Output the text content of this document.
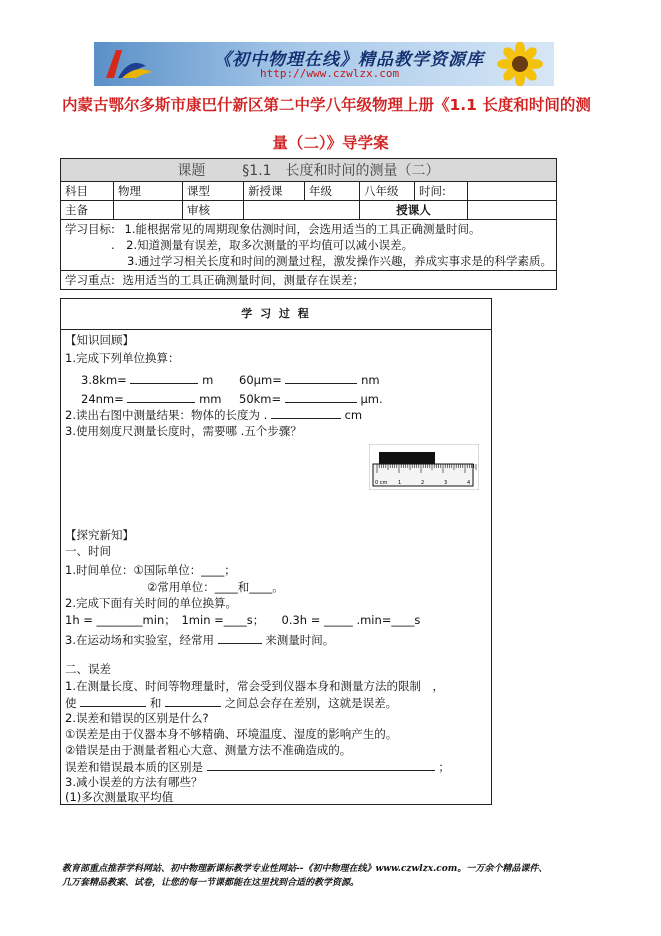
《初中物理在线》精品教学资源库
http://www.czwlzx.com
内蒙古鄂尔多斯市康巴什新区第二中学八年级物理上册《1.1 长度和时间的测
量（二）》导学案
课题 §1.1　长度和时间的测量（二）							
科目	物理	课型	新授课	年级	八年级	时间:	
主备		审核			授课人		

学习目标: 1.能根据常见的周期现象估测时间，会选用适当的工具正确测量时间。
.　2.知道测量有误差，取多次测量的平均值可以减小误差。
3.通过学习相关长度和时间的测量过程，激发操作兴趣，养成实事求是的科学素质。							

学习重点: 选用适当的工具正确测量时间，测量存在误差；							
学 习 过 程
【知识回顾】
1.完成下列单位换算：
3.8km=	m 60μm=	nm
24nm=	mm 50km=	μm.
2.读出右图中测量结果：物体的长度为 .	cm
3.使用刻度尺测量长度时，需要哪 .五个步骤？
0 cm 1	2	3	4
【探究新知】
一、时间
1.时间单位：①国际单位：____；
②常用单位：____和____。
2.完成下面有关时间的单位换算。
1h = ________min；　1min =____s；　　0.3h = _____ .min=____s
3.在运动场和实验室，经常用	来测量时间。
二、误差
1.在测量长度、时间等物理量时，常会受到仪器本身和测量方法的限制　，
使	和	之间总会存在差别，这就是误差。
2.误差和错误的区别是什么?
①误差是由于仪器本身不够精确、环境温度、湿度的影响产生的。
②错误是由于测量者粗心大意、测量方法不准确造成的。
误差和错误最本质的区别是	；
3.减小误差的方法有哪些？
(1)多次测量取平均值
教育部重点推荐学科网站、初中物理新课标教学专业性网站--《初中物理在线》www.czwlzx.com。一万余个精品课件、
几万套精品教案、试卷，让您的每一节课都能在这里找到合适的教学资源。
